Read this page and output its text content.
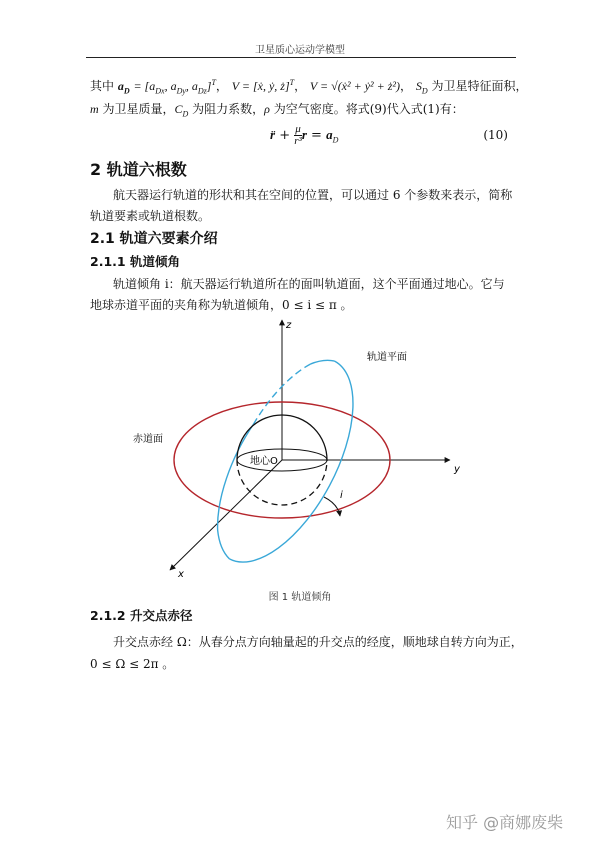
卫星质心运动学模型
其中 $a_D = [a_{Dx}$, $a_{Dy}$, $a_{Dz}]^T$， V = [ẋ, ẏ, ż]$^T$， V = √(ẋ² + ẏ² + ż²)， $S_D$ 为卫星特征面积，
m 为卫星质量，$C_D$ 为阻力系数，ρ 为空气密度。将式(9)代入式(1)有：
r̈ + $\frac{\mu}{\text{r³}}$ $r = a_D$	(10)
2 轨道六根数
航天器运行轨道的形状和其在空间的位置，可以通过 6 个参数来表示，简称
轨道要素或轨道根数。
2.1 轨道六要素介绍
2.1.1 轨道倾角
轨道倾角 i：航天器运行轨道所在的面叫轨道面，这个平面通过地心。它与
地球赤道平面的夹角称为轨道倾角，0 ≤ i ≤ π 。
z
y
x
i
轨道平面
赤道面
地心O
图 1 轨道倾角
2.1.2 升交点赤径
升交点赤经 Ω：从春分点方向轴量起的升交点的经度，顺地球自转方向为正，
0 ≤ Ω ≤ 2π 。
知乎 @商娜废柴
